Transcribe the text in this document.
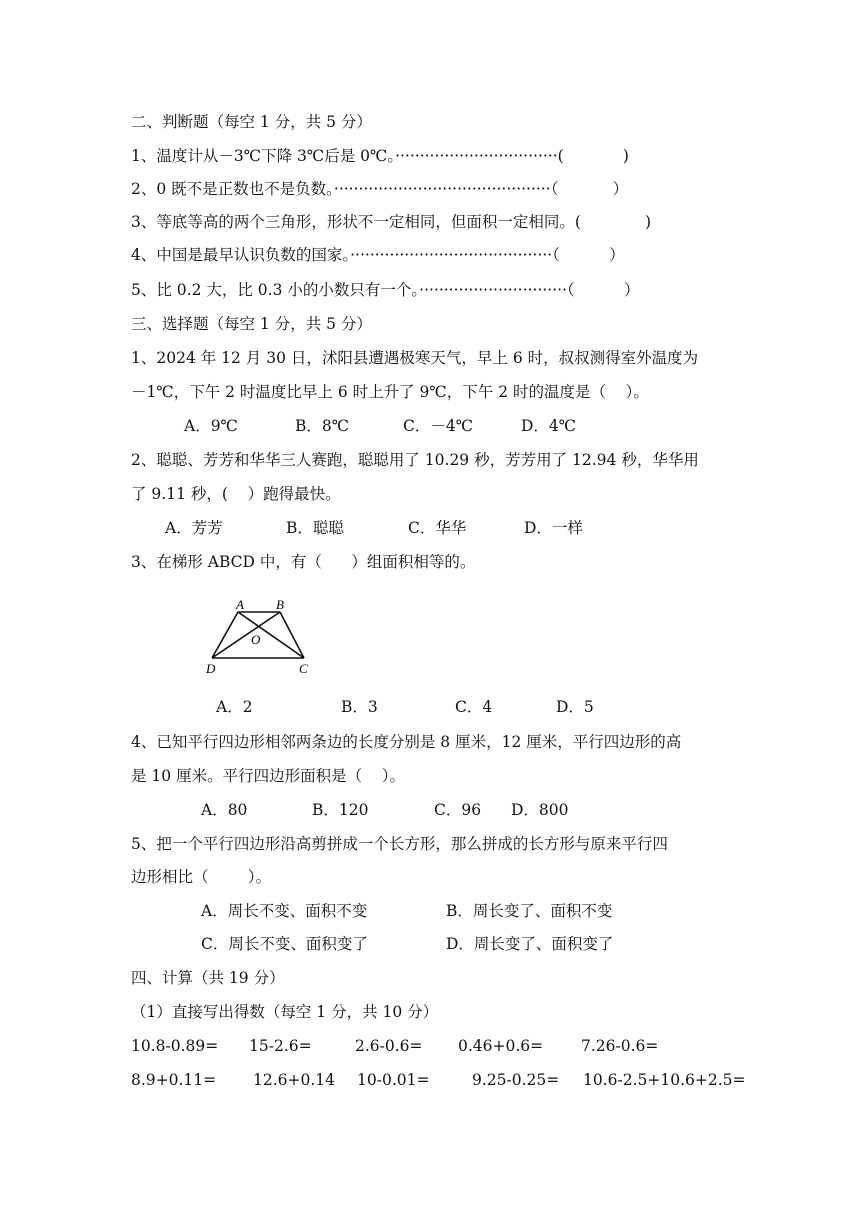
二、判断题（每空 1 分，共 5 分）
1、温度计从－3℃下降 3℃后是 0℃。·································(            )
2、0 既不是正数也不是负数。············································（           ）
3、等底等高的两个三角形，形状不一定相同，但面积一定相同。(             )
4、中国是最早认识负数的国家。·········································（          ）
5、比 0.2 大，比 0.3 小的小数只有一个。······························（          ）
三、选择题（每空 1 分，共 5 分）
1、2024 年 12 月 30 日，沭阳县遭遇极寒天气，早上 6 时，叔叔测得室外温度为
－1℃，下午 2 时温度比早上 6 时上升了 9℃，下午 2 时的温度是（    ）。
A．9℃	B．8℃	C．－4℃	D．4℃
2、聪聪、芳芳和华华三人赛跑，聪聪用了 10.29 秒，芳芳用了 12.94 秒，华华用
了 9.11 秒，(    ）跑得最快。
A．芳芳	B．聪聪	C．华华	D．一样
3、在梯形 ABCD 中，有（      ）组面积相等的。
A B
O
D	C
A．2	B．3	C．4	D．5
4、已知平行四边形相邻两条边的长度分别是 8 厘米，12 厘米，平行四边形的高
是 10 厘米。平行四边形面积是（    ）。
A．80	B．120	C．96 D．800
5、把一个平行四边形沿高剪拼成一个长方形，那么拼成的长方形与原来平行四
边形相比（        ）。
A．周长不变、面积不变	B．周长变了、面积不变
C．周长不变、面积变了	D．周长变了、面积变了
四、计算（共 19 分）
（1）直接写出得数（每空 1 分，共 10 分）
10.8-0.89= 15-2.6=	2.6-0.6= 0.46+0.6= 7.26-0.6=
8.9+0.11= 12.6+0.14 10-0.01=	9.25-0.25= 10.6-2.5+10.6+2.5=
